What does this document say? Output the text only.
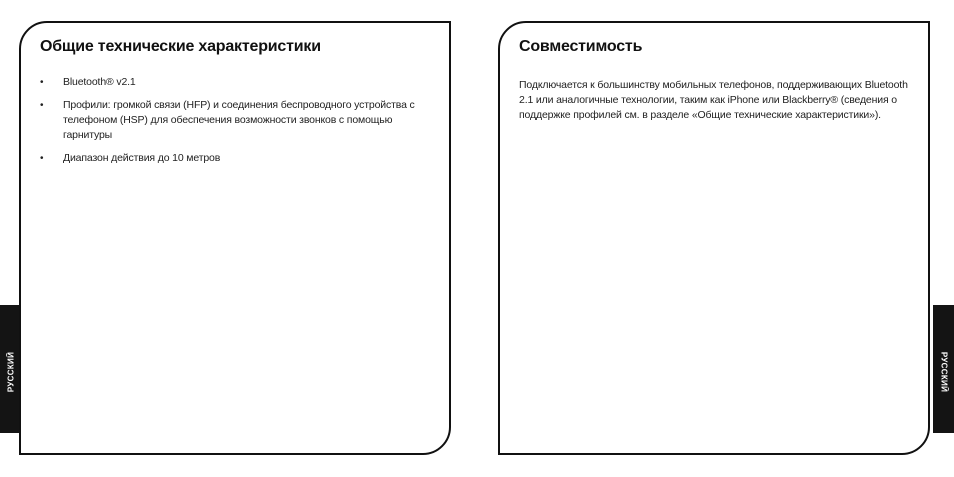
РУССКИЙ
Общие технические характеристики
• Bluetooth® v2.1
• Профили: громкой связи (HFP) и соединения беспроводного устройства с телефоном (HSP) для обеспечения возможности звонков с помощью гарнитуры
• Диапазон действия до 10 метров
Совместимость

Подключается к большинству мобильных телефонов, поддерживающих Bluetooth 2.1 или аналогичные технологии, таким как iPhone или Blackberry® (сведения о поддержке профилей см. в разделе «Общие технические характеристики»).

РУССКИЙ
